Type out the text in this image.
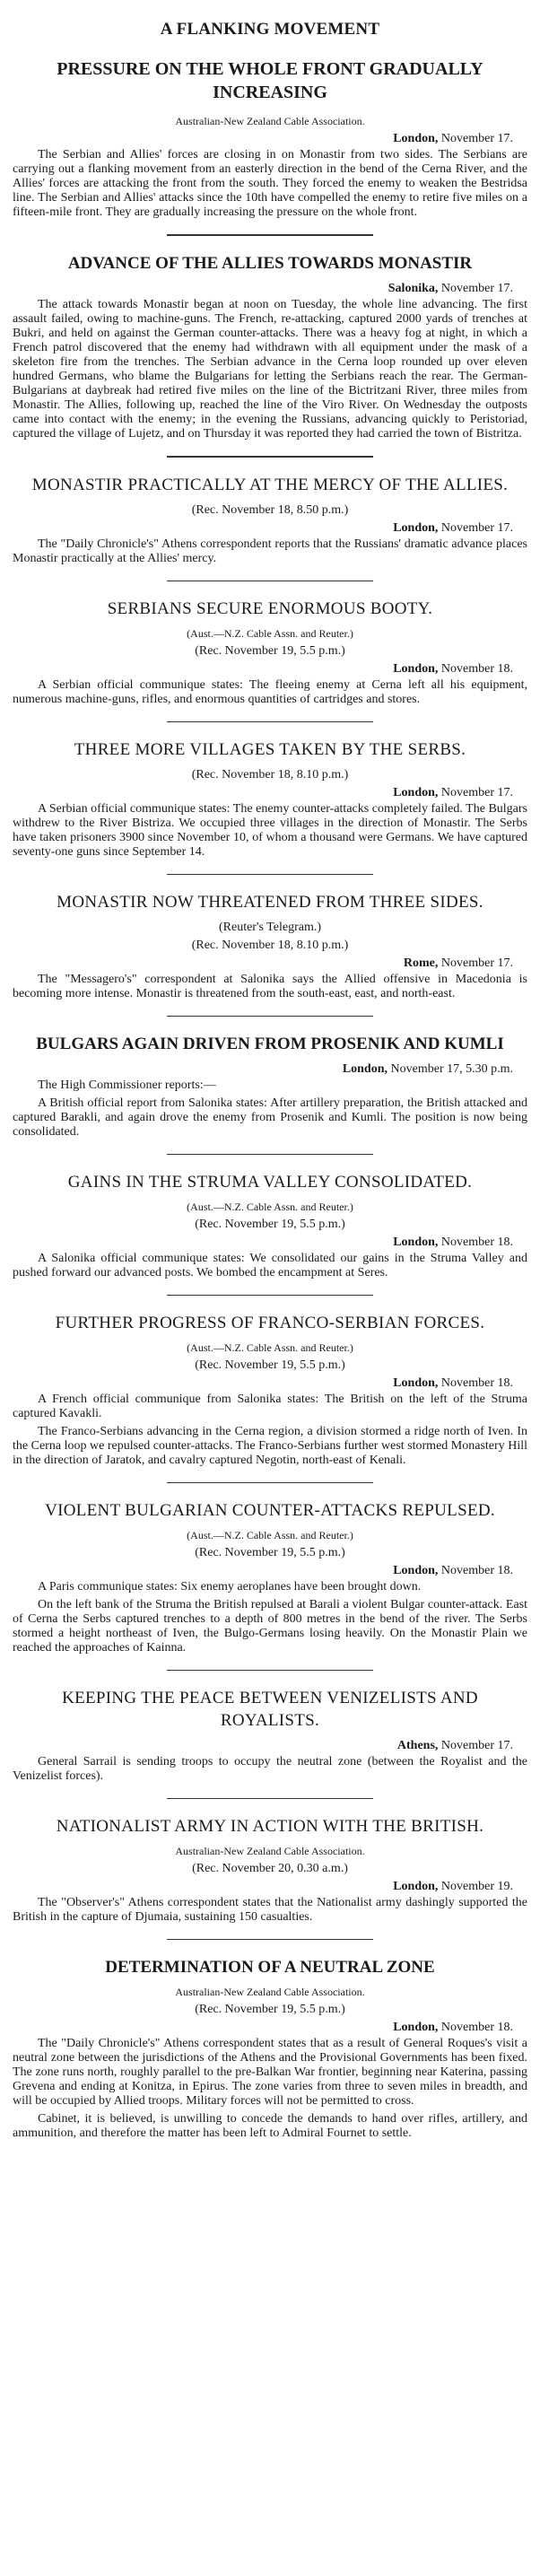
A FLANKING MOVEMENT
PRESSURE ON THE WHOLE FRONT GRADUALLY INCREASING
Australian-New Zealand Cable Association.
London, November 17.

The Serbian and Allies' forces are closing in on Monastir from two sides. The Serbians are carrying out a flanking movement from an easterly direction in the bend of the Cerna River, and the Allies' forces are attacking the front from the south. They forced the enemy to weaken the Bestridsa line. The Serbian and Allies' attacks since the 10th have compelled the enemy to retire five miles on a fifteen-mile front. They are gradually increasing the pressure on the whole front.

ADVANCE OF THE ALLIES TOWARDS MONASTIR
Salonika, November 17.

The attack towards Monastir began at noon on Tuesday, the whole line advancing. The first assault failed, owing to machine-guns. The French, re-attacking, captured 2000 yards of trenches at Bukri, and held on against the German counter-attacks. There was a heavy fog at night, in which a French patrol discovered that the enemy had withdrawn with all equipment under the mask of a skeleton fire from the trenches. The Serbian advance in the Cerna loop rounded up over eleven hundred Germans, who blame the Bulgarians for letting the Serbians reach the rear. The German-Bulgarians at daybreak had retired five miles on the line of the Bictritzani River, three miles from Monastir. The Allies, following up, reached the line of the Viro River. On Wednesday the outposts came into contact with the enemy; in the evening the Russians, advancing quickly to Peristoriad, captured the village of Lujetz, and on Thursday it was reported they had carried the town of Bistritza.

MONASTIR PRACTICALLY AT THE MERCY OF THE ALLIES.
(Rec. November 18, 8.50 p.m.)
London, November 17.

The "Daily Chronicle's" Athens correspondent reports that the Russians' dramatic advance places Monastir practically at the Allies' mercy.

SERBIANS SECURE ENORMOUS BOOTY.
(Aust.—N.Z. Cable Assn. and Reuter.)
(Rec. November 19, 5.5 p.m.)
London, November 18.

A Serbian official communique states: The fleeing enemy at Cerna left all his equipment, numerous machine-guns, rifles, and enormous quantities of cartridges and stores.

THREE MORE VILLAGES TAKEN BY THE SERBS.
(Rec. November 18, 8.10 p.m.)
London, November 17.

A Serbian official communique states: The enemy counter-attacks completely failed. The Bulgars withdrew to the River Bistriza. We occupied three villages in the direction of Monastir. The Serbs have taken prisoners 3900 since November 10, of whom a thousand were Germans. We have captured seventy-one guns since September 14.

MONASTIR NOW THREATENED FROM THREE SIDES.
(Reuter's Telegram.)
(Rec. November 18, 8.10 p.m.)
Rome, November 17.

The "Messagero's" correspondent at Salonika says the Allied offensive in Macedonia is becoming more intense. Monastir is threatened from the south-east, east, and north-east.

BULGARS AGAIN DRIVEN FROM PROSENIK AND KUMLI
London, November 17, 5.30 p.m.

The High Commissioner reports:—

A British official report from Salonika states: After artillery preparation, the British attacked and captured Barakli, and again drove the enemy from Prosenik and Kumli. The position is now being consolidated.

GAINS IN THE STRUMA VALLEY CONSOLIDATED.
(Aust.—N.Z. Cable Assn. and Reuter.)
(Rec. November 19, 5.5 p.m.)
London, November 18.

A Salonika official communique states: We consolidated our gains in the Struma Valley and pushed forward our advanced posts. We bombed the encampment at Seres.

FURTHER PROGRESS OF FRANCO-SERBIAN FORCES.
(Aust.—N.Z. Cable Assn. and Reuter.)
(Rec. November 19, 5.5 p.m.)
London, November 18.

A French official communique from Salonika states: The British on the left of the Struma captured Kavakli.

The Franco-Serbians advancing in the Cerna region, a division stormed a ridge north of Iven. In the Cerna loop we repulsed counter-attacks. The Franco-Serbians further west stormed Monastery Hill in the direction of Jaratok, and cavalry captured Negotin, north-east of Kenali.

VIOLENT BULGARIAN COUNTER-ATTACKS REPULSED.
(Aust.—N.Z. Cable Assn. and Reuter.)
(Rec. November 19, 5.5 p.m.)
London, November 18.

A Paris communique states: Six enemy aeroplanes have been brought down.

On the left bank of the Struma the British repulsed at Barali a violent Bulgar counter-attack. East of Cerna the Serbs captured trenches to a depth of 800 metres in the bend of the river. The Serbs stormed a height northeast of Iven, the Bulgo-Germans losing heavily. On the Monastir Plain we reached the approaches of Kainna.

KEEPING THE PEACE BETWEEN VENIZELISTS AND ROYALISTS.
Athens, November 17.

General Sarrail is sending troops to occupy the neutral zone (between the Royalist and the Venizelist forces).

NATIONALIST ARMY IN ACTION WITH THE BRITISH.
Australian-New Zealand Cable Association.
(Rec. November 20, 0.30 a.m.)
London, November 19.

The "Observer's" Athens correspondent states that the Nationalist army dashingly supported the British in the capture of Djumaia, sustaining 150 casualties.

DETERMINATION OF A NEUTRAL ZONE
Australian-New Zealand Cable Association.
(Rec. November 19, 5.5 p.m.)
London, November 18.

The "Daily Chronicle's" Athens correspondent states that as a result of General Roques's visit a neutral zone between the jurisdictions of the Athens and the Provisional Governments has been fixed. The zone runs north, roughly parallel to the pre-Balkan War frontier, beginning near Katerina, passing Grevena and ending at Konitza, in Epirus. The zone varies from three to seven miles in breadth, and will be occupied by Allied troops. Military forces will not be permitted to cross.

Cabinet, it is believed, is unwilling to concede the demands to hand over rifles, artillery, and ammunition, and therefore the matter has been left to Admiral Fournet to settle.
